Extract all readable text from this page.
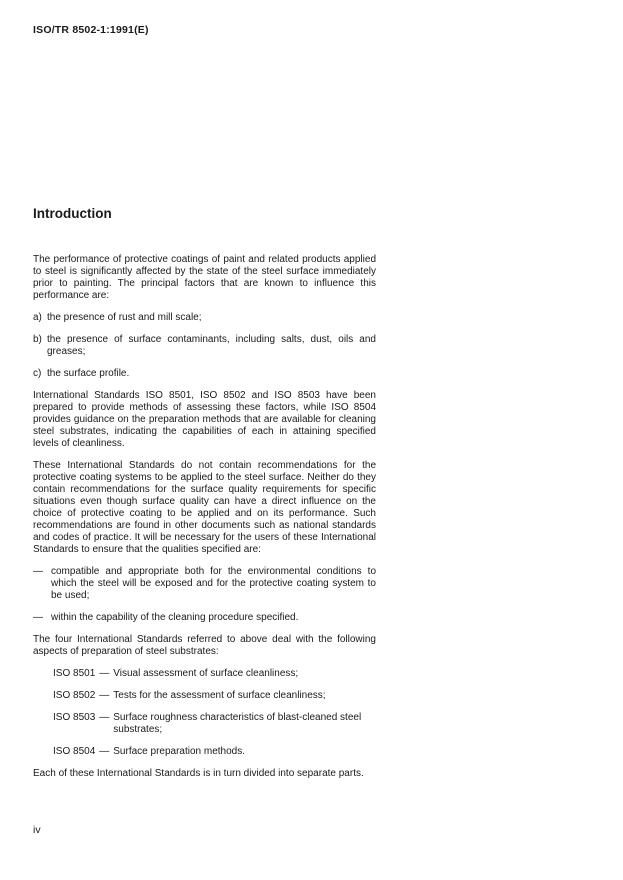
ISO/TR 8502-1:1991(E)
Introduction

The performance of protective coatings of paint and related products applied to steel is significantly affected by the state of the steel surface immediately prior to painting. The principal factors that are known to influence this performance are:

a) the presence of rust and mill scale;
b) the presence of surface contaminants, including salts, dust, oils and greases;
c) the surface profile.

International Standards ISO 8501, ISO 8502 and ISO 8503 have been prepared to provide methods of assessing these factors, while ISO 8504 provides guidance on the preparation methods that are available for cleaning steel substrates, indicating the capabilities of each in attaining specified levels of cleanliness.

These International Standards do not contain recommendations for the protective coating systems to be applied to the steel surface. Neither do they contain recommendations for the surface quality requirements for specific situations even though surface quality can have a direct influence on the choice of protective coating to be applied and on its performance. Such recommendations are found in other documents such as national standards and codes of practice. It will be necessary for the users of these International Standards to ensure that the qualities specified are:

— compatible and appropriate both for the environmental conditions to which the steel will be exposed and for the protective coating system to be used;
— within the capability of the cleaning procedure specified.

The four International Standards referred to above deal with the following aspects of preparation of steel substrates:

ISO 8501 — Visual assessment of surface cleanliness;
ISO 8502 — Tests for the assessment of surface cleanliness;
ISO 8503 — Surface roughness characteristics of blast-cleaned steel substrates;
ISO 8504 — Surface preparation methods.

Each of these International Standards is in turn divided into separate parts.

iv
